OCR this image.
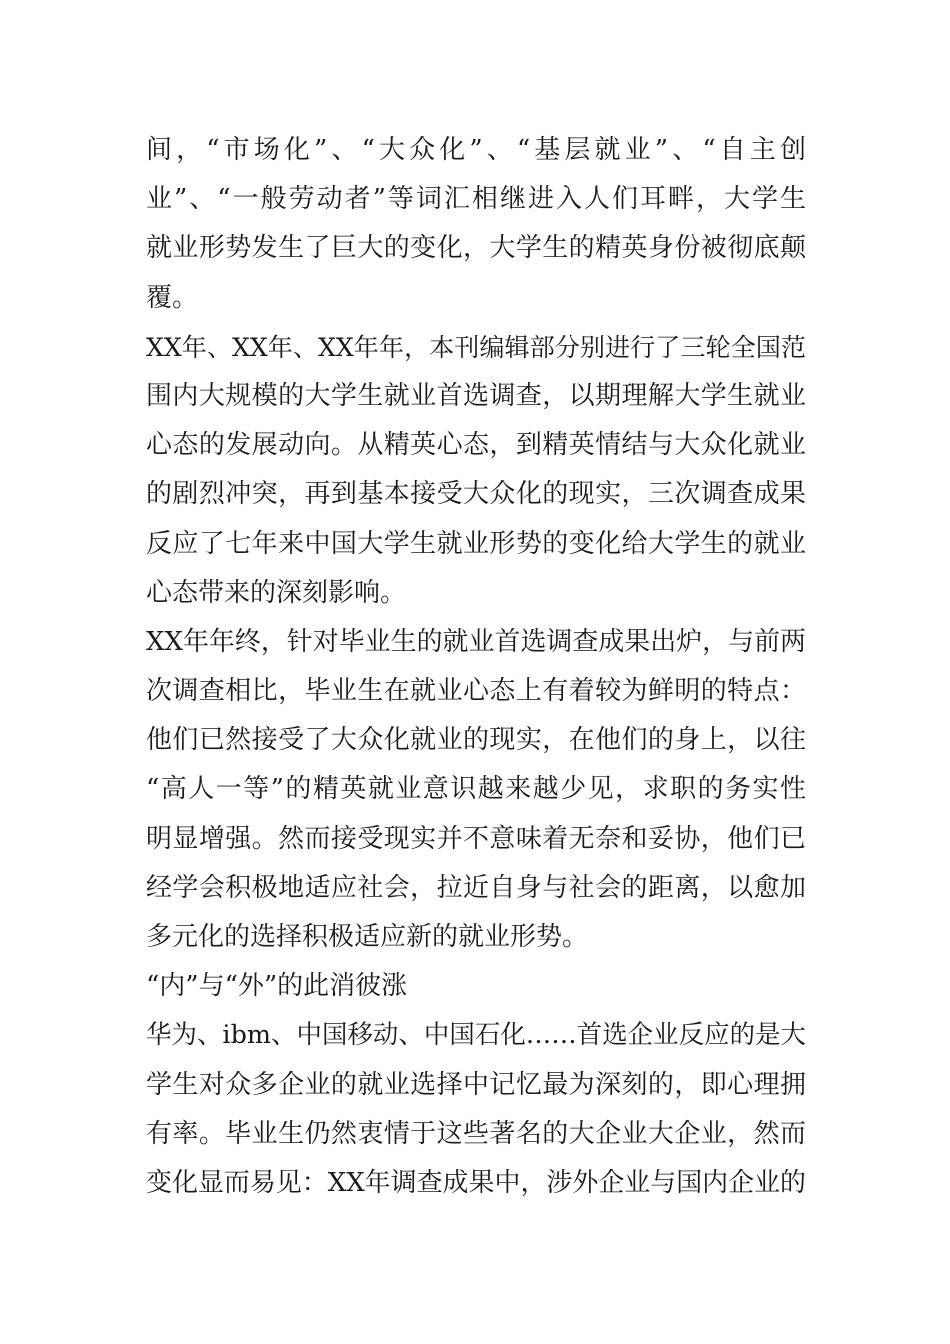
间，“市场化”、“大众化”、“基层就业”、“自主创
业”、“一般劳动者”等词汇相继进入人们耳畔，大学生
就业形势发生了巨大的变化，大学生的精英身份被彻底颠
覆。
XX年、XX年、XX年年，本刊编辑部分别进行了三轮全国范
围内大规模的大学生就业首选调查，以期理解大学生就业
心态的发展动向。从精英心态，到精英情结与大众化就业
的剧烈冲突，再到基本接受大众化的现实，三次调查成果
反应了七年来中国大学生就业形势的变化给大学生的就业
心态带来的深刻影响。
XX年年终，针对毕业生的就业首选调查成果出炉，与前两
次调查相比，毕业生在就业心态上有着较为鲜明的特点：
他们已然接受了大众化就业的现实，在他们的身上，以往
“高人一等”的精英就业意识越来越少见，求职的务实性
明显增强。然而接受现实并不意味着无奈和妥协，他们已
经学会积极地适应社会，拉近自身与社会的距离，以愈加
多元化的选择积极适应新的就业形势。
“内”与“外”的此消彼涨
华为、ibm、中国移动、中国石化……首选企业反应的是大
学生对众多企业的就业选择中记忆最为深刻的，即心理拥
有率。毕业生仍然衷情于这些著名的大企业大企业，然而
变化显而易见：XX年调查成果中，涉外企业与国内企业的
